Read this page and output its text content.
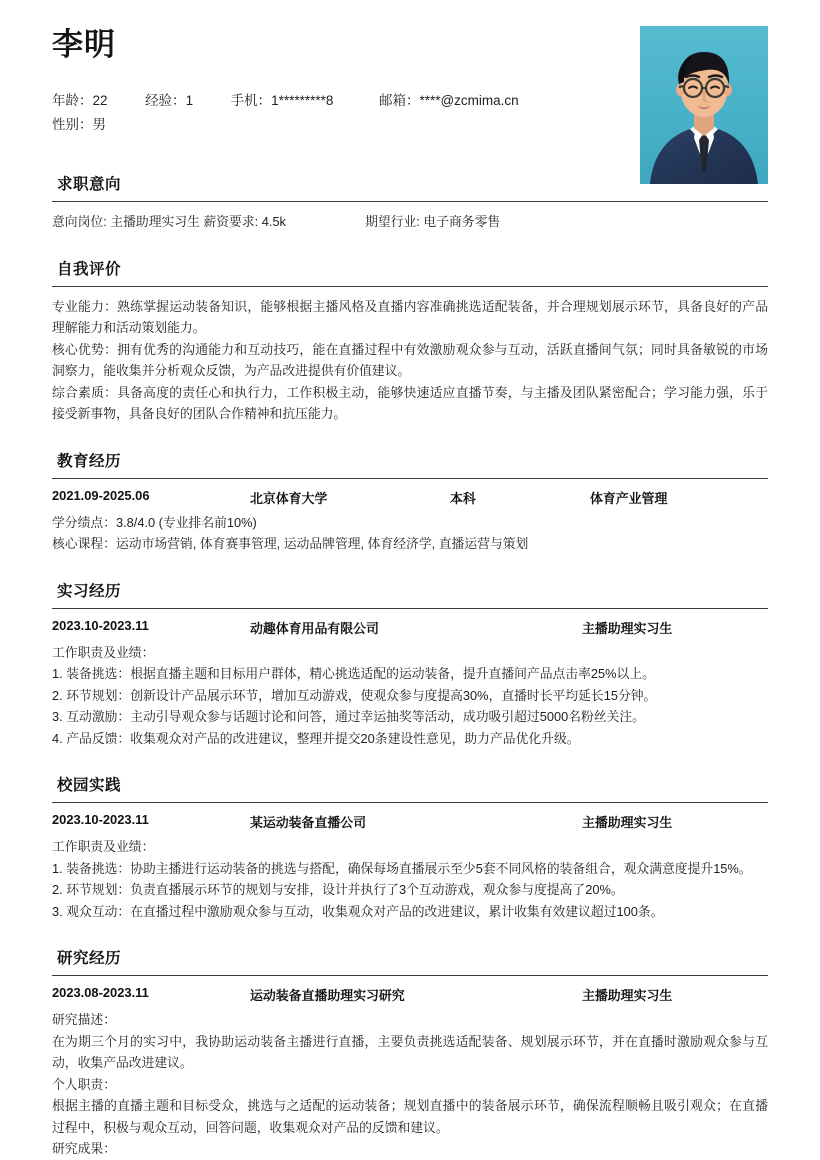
李明
年龄：22	经验：1	手机：1*********8	邮箱：****@zcmima.cn
性别：男
求职意向
意向岗位: 主播助理实习生 薪资要求: 4.5k	期望行业: 电子商务零售
自我评价

专业能力：熟练掌握运动装备知识，能够根据主播风格及直播内容准确挑选适配装备，并合理规划展示环节，具备良好的产品理解能力和活动策划能力。

核心优势：拥有优秀的沟通能力和互动技巧，能在直播过程中有效激励观众参与互动，活跃直播间气氛；同时具备敏锐的市场洞察力，能收集并分析观众反馈，为产品改进提供有价值建议。

综合素质：具备高度的责任心和执行力，工作积极主动，能够快速适应直播节奏，与主播及团队紧密配合；学习能力强，乐于接受新事物，具备良好的团队合作精神和抗压能力。

教育经历
2021.09-2025.06	北京体育大学	本科	体育产业管理
学分绩点：3.8/4.0 (专业排名前10%)
核心课程：运动市场营销, 体育赛事管理, 运动品牌管理, 体育经济学, 直播运营与策划
实习经历
2023.10-2023.11	动趣体育用品有限公司	主播助理实习生
工作职责及业绩：
1. 装备挑选：根据直播主题和目标用户群体，精心挑选适配的运动装备，提升直播间产品点击率25%以上。
2. 环节规划：创新设计产品展示环节，增加互动游戏，使观众参与度提高30%，直播时长平均延长15分钟。
3. 互动激励：主动引导观众参与话题讨论和问答，通过幸运抽奖等活动，成功吸引超过5000名粉丝关注。
4. 产品反馈：收集观众对产品的改进建议，整理并提交20条建设性意见，助力产品优化升级。
校园实践
2023.10-2023.11	某运动装备直播公司	主播助理实习生
工作职责及业绩：
1. 装备挑选：协助主播进行运动装备的挑选与搭配，确保每场直播展示至少5套不同风格的装备组合，观众满意度提升15%。
2. 环节规划：负责直播展示环节的规划与安排，设计并执行了3个互动游戏，观众参与度提高了20%。
3. 观众互动：在直播过程中激励观众参与互动，收集观众对产品的改进建议，累计收集有效建议超过100条。
研究经历
2023.08-2023.11	运动装备直播助理实习研究	主播助理实习生
研究描述：
在为期三个月的实习中，我协助运动装备主播进行直播，主要负责挑选适配装备、规划展示环节，并在直播时激励观众参与互动，收集产品改进建议。
个人职责：
根据主播的直播主题和目标受众，挑选与之适配的运动装备；规划直播中的装备展示环节，确保流程顺畅且吸引观众；在直播过程中，积极与观众互动，回答问题，收集观众对产品的反馈和建议。
研究成果：
